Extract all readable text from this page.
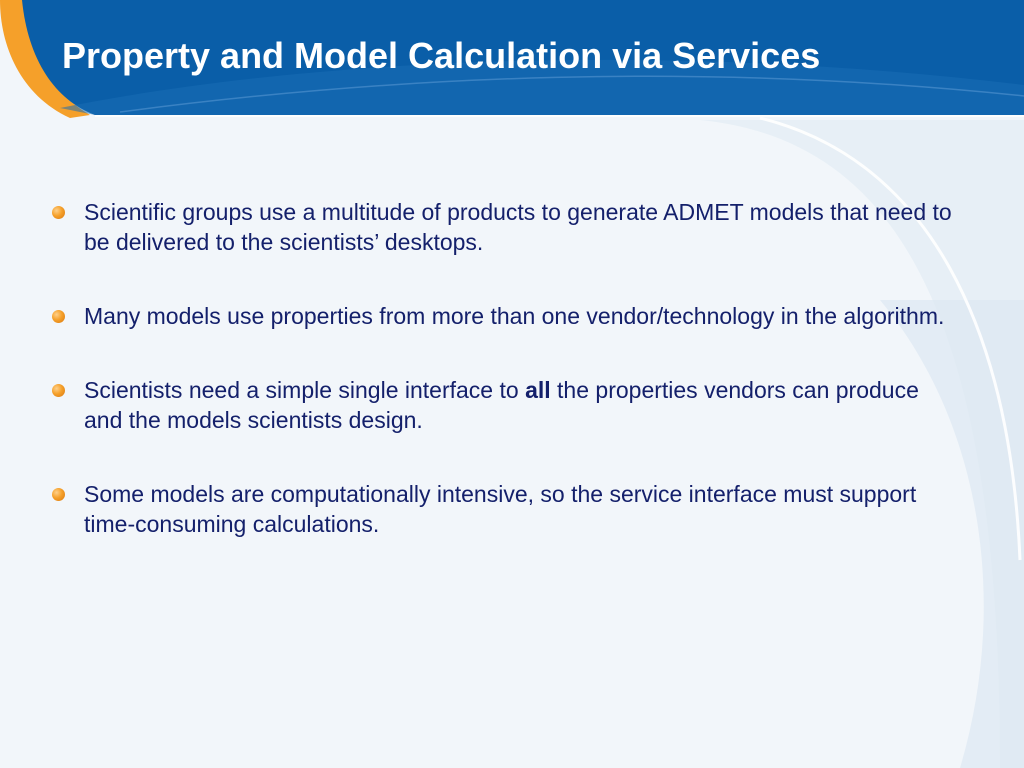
Property and Model Calculation via Services
Scientific groups use a multitude of products to generate ADMET models that need to be delivered to the scientists’ desktops.
Many models use properties from more than one vendor/technology in the algorithm.
Scientists need a simple single interface to all the properties vendors can produce and the models scientists design.
Some models are computationally intensive, so the service interface must support time-consuming calculations.
